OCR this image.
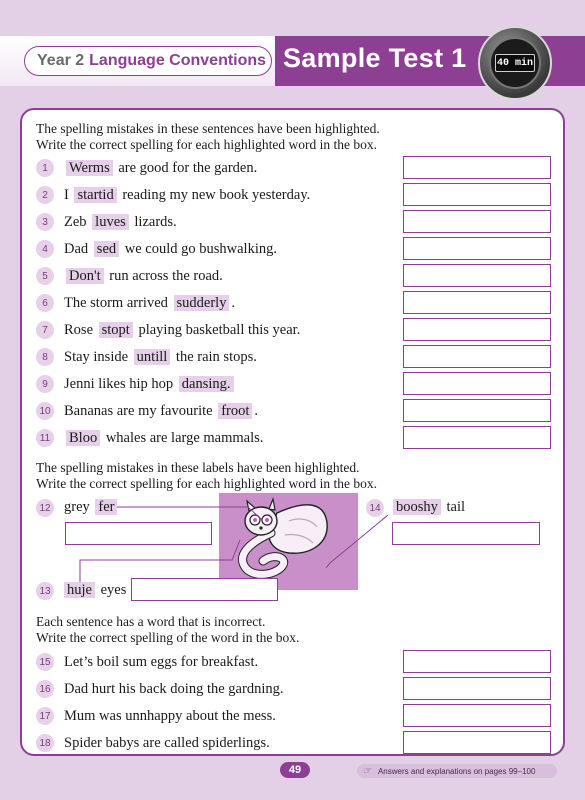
Year 2 Language Conventions Sample Test 1	40 min
The spelling mistakes in these sentences have been highlighted.
Write the correct spelling for each highlighted word in the box.
1	Werms are good for the garden.
2	I startid reading my new book yesterday.
3	Zeb luves lizards.
4	Dad sed we could go bushwalking.
5	Don't run across the road.
6	The storm arrived sudderly .
7	Rose stopt playing basketball this year.
8	Stay inside untill the rain stops.
9	Jenni likes hip hop dansing.
10 Bananas are my favourite froot .
11	Bloo whales are large mammals.
The spelling mistakes in these labels have been highlighted.
Write the correct spelling for each highlighted word in the box.
12 grey fer	14	booshy tail
13	huje eyes
Each sentence has a word that is incorrect.
Write the correct spelling of the word in the box.
15 Let’s boil sum eggs for breakfast.
16 Dad hurt his back doing the gardning.
17 Mum was unnhappy about the mess.
18 Spider babys are called spiderlings.
49	☞ Answers and explanations on pages 99–100
